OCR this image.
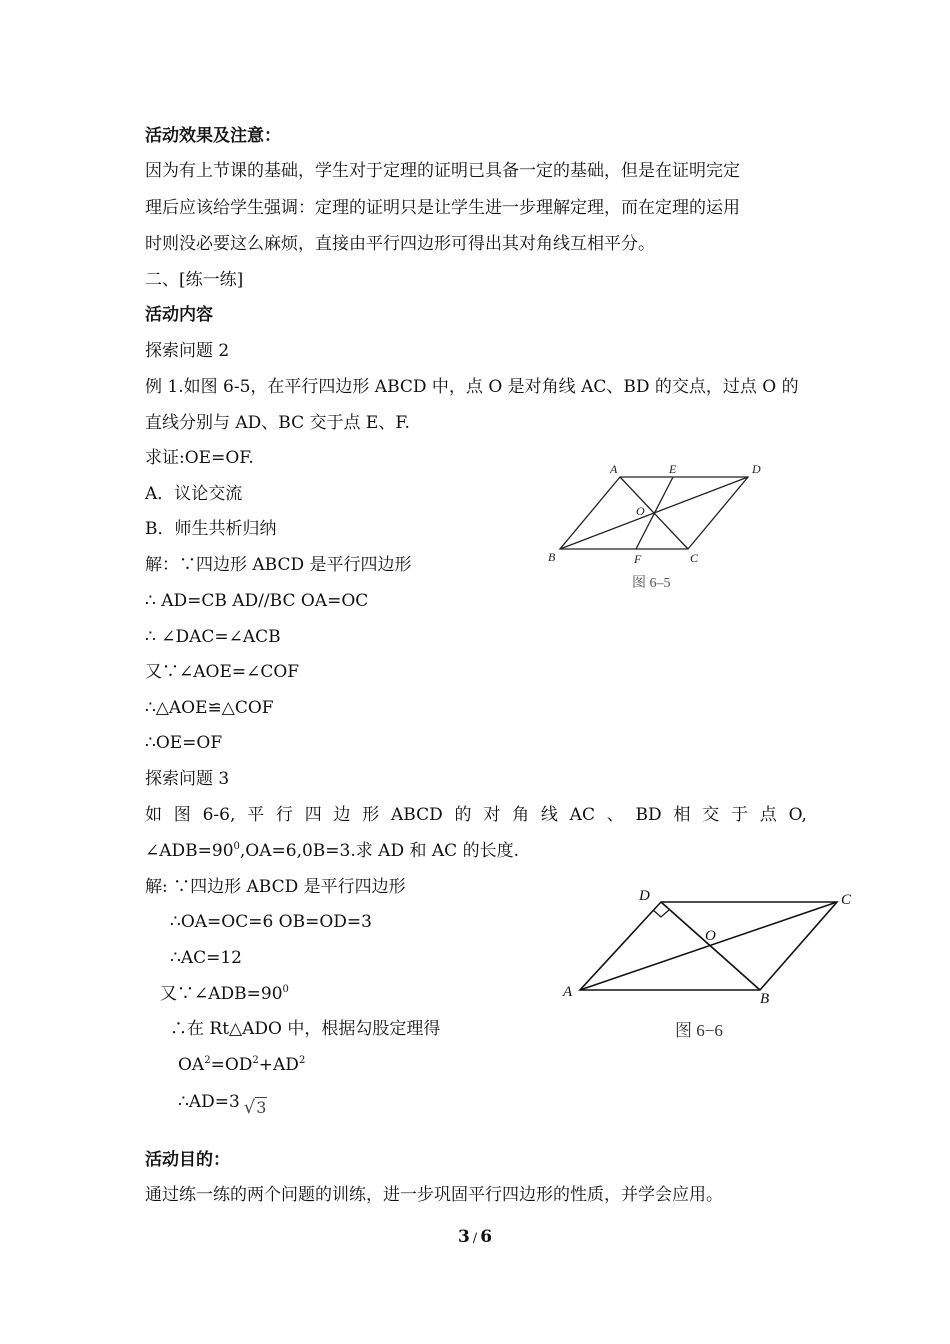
活动效果及注意：
因为有上节课的基础，学生对于定理的证明已具备一定的基础，但是在证明完定
理后应该给学生强调：定理的证明只是让学生进一步理解定理，而在定理的运用
时则没必要这么麻烦，直接由平行四边形可得出其对角线互相平分。
二、[练一练]
活动内容
探索问题 2
例 1.如图 6-5，在平行四边形 ABCD 中，点 O 是对角线 AC、BD 的交点，过点 O 的
直线分别与 AD、BC 交于点 E、F.
求证:OE=OF.
A．议论交流
B．师生共析归纳
解：∵四边形 ABCD 是平行四边形
∴ AD=CB AD//BC OA=OC
∴ ∠DAC=∠ACB
又∵∠AOE=∠COF
∴△AOE≌△COF
∴OE=OF
探索问题 3
如 图 6-6, 平 行 四 边 形 ABCD 的 对 角 线 AC 、 BD 相 交 于 点 O,
$\angle ADB=90^0,OA=6,0B=3$.求 AD 和 AC 的长度.
解: ∵四边形 ABCD 是平行四边形
∴OA=OC=6 OB=OD=3
∴AC=12
又$\because\angle ADB=90^0$
∴在 Rt△ADO 中，根据勾股定理得
$OA^2=OD^2+AD^2$
∴AD=3 √3
活动目的：
通过练一练的两个问题的训练，进一步巩固平行四边形的性质，并学会应用。
A	E	D
O
B	F	C
图 6–5
D	C
O
A	B
图 6−6
3 / 6
